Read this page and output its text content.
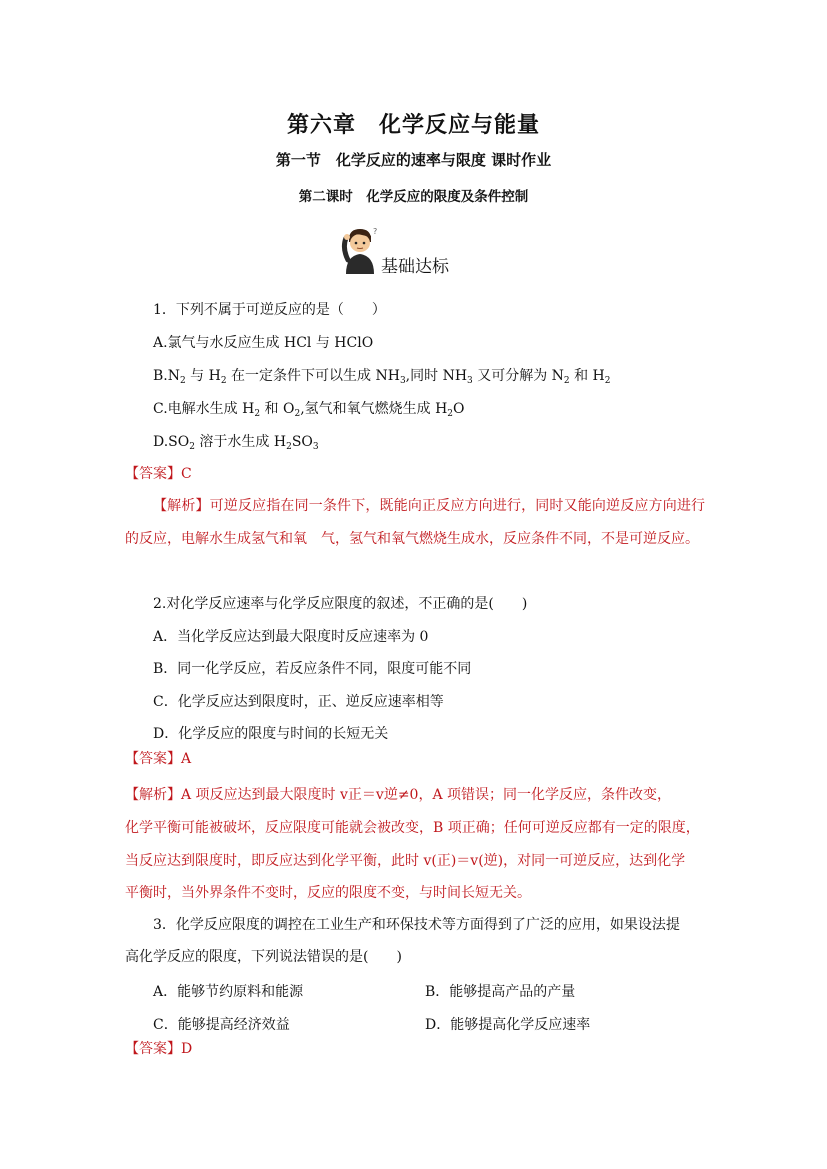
第六章　化学反应与能量
第一节　化学反应的速率与限度 课时作业
第二课时　化学反应的限度及条件控制
?
基础达标
1．下列不属于可逆反应的是（　　）
A.氯气与水反应生成 HCl 与 HClO
$B.N_2$ 与 $H_2$ 在一定条件下可以生成 $NH_3$,同时 $NH_3$ 又可分解为 $N_2$ 和 $H_2$
C.电解水生成 $H_2$ 和 $O_2$,氢气和氧气燃烧生成 $H_2O$
$D.SO_2$ 溶于水生成 $H_2SO_3$
【答案】C
【解析】可逆反应指在同一条件下，既能向正反应方向进行，同时又能向逆反应方向进行的反应，电解水生成氢气和氧　气，氢气和氧气燃烧生成水，反应条件不同，不是可逆反应。
2.对化学反应速率与化学反应限度的叙述，不正确的是(　　)
A．当化学反应达到最大限度时反应速率为 0
B．同一化学反应，若反应条件不同，限度可能不同
C．化学反应达到限度时，正、逆反应速率相等
D．化学反应的限度与时间的长短无关
【答案】A
【解析】A 项反应达到最大限度时 v正＝v逆≠0，A 项错误；同一化学反应，条件改变，
化学平衡可能被破坏，反应限度可能就会被改变，B 项正确；任何可逆反应都有一定的限度，
当反应达到限度时，即反应达到化学平衡，此时 v(正)＝v(逆)，对同一可逆反应，达到化学
平衡时，当外界条件不变时，反应的限度不变，与时间长短无关。
3．化学反应限度的调控在工业生产和环保技术等方面得到了广泛的应用，如果设法提
高化学反应的限度，下列说法错误的是(　　)
A．能够节约原料和能源	B．能够提高产品的产量
C．能够提高经济效益	D．能够提高化学反应速率
【答案】D
